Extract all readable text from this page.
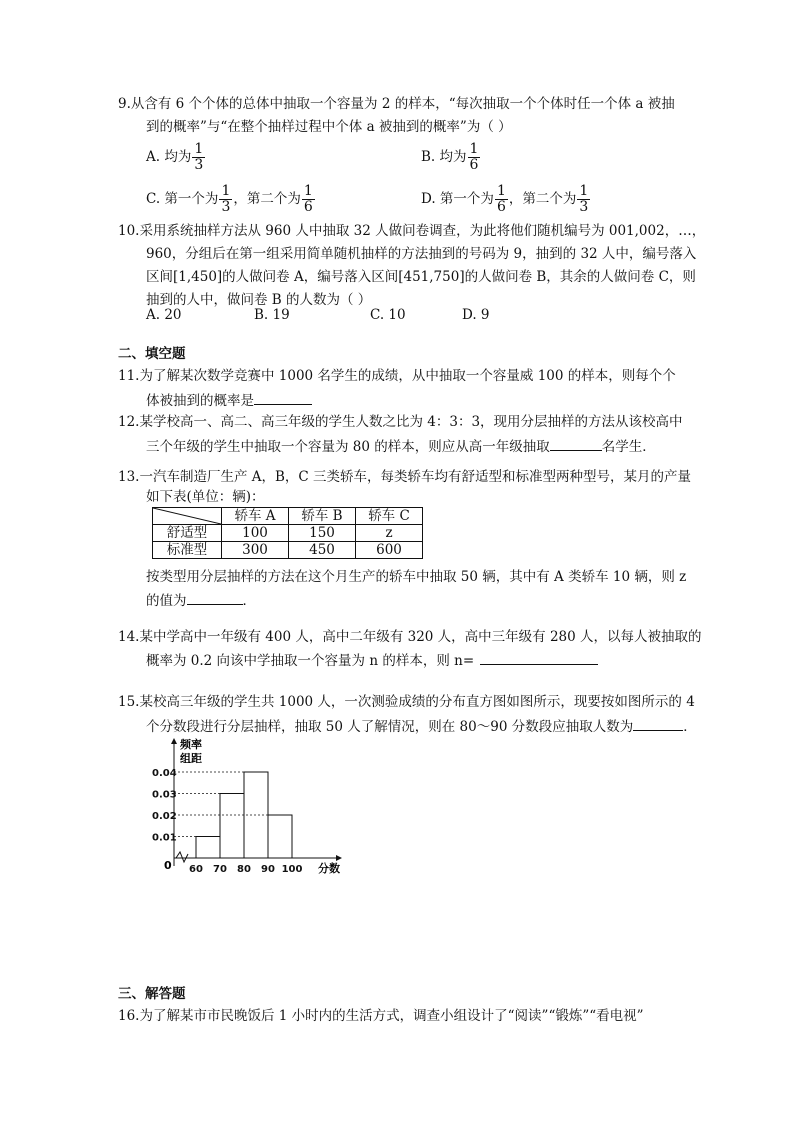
9.从含有 6 个个体的总体中抽取一个容量为 2 的样本，“每次抽取一个个体时任一个体 a 被抽
到的概率”与“在整个抽样过程中个体 a 被抽到的概率”为（ ）
A. 均为 $\frac{1}{3}$	B. 均为 $\frac{1}{6}$
C. 第一个为 $\frac{1}{3}$ ，第二个为 $\frac{1}{6}$	D. 第一个为 $\frac{1}{6}$ ，第二个为 $\frac{1}{3}$
10.采用系统抽样方法从 960 人中抽取 32 人做问卷调查，为此将他们随机编号为 001,002，…，
960，分组后在第一组采用简单随机抽样的方法抽到的号码为 9，抽到的 32 人中，编号落入
区间[1,450]的人做问卷 A，编号落入区间[451,750]的人做问卷 B，其余的人做问卷 C，则
抽到的人中，做问卷 B 的人数为（ ）
A. 20	B. 19	C. 10	D. 9
二、填空题
11.为了解某次数学竞赛中 1000 名学生的成绩，从中抽取一个容量威 100 的样本，则每个个
体被抽到的概率是
12.某学校高一、高二、高三年级的学生人数之比为 4：3：3，现用分层抽样的方法从该校高中
三个年级的学生中抽取一个容量为 80 的样本，则应从高一年级抽取	名学生．
13.一汽车制造厂生产 A，B，C 三类轿车，每类轿车均有舒适型和标准型两种型号，某月的产量
如下表(单位：辆)：
	轿车 A	轿车 B	轿车 C
舒适型	100	150	z
标准型	300	450	600
按类型用分层抽样的方法在这个月生产的轿车中抽取 50 辆，其中有 A 类轿车 10 辆，则 z
的值为	．
14.某中学高中一年级有 400 人，高中二年级有 320 人，高中三年级有 280 人，以每人被抽取的
概率为 0.2 向该中学抽取一个容量为 n 的样本，则 n=
15.某校高三年级的学生共 1000 人，一次测验成绩的分布直方图如图所示，现要按如图所示的 4
个分数段进行分层抽样，抽取 50 人了解情况，则在 80～90 分数段应抽取人数为	．
频率
组距
分数
0
0.01
0.02
0.03
0.04
60 70 80 90 100
三、解答题
16.为了解某市市民晚饭后 1 小时内的生活方式，调查小组设计了“阅读”“锻炼”“看电视”
